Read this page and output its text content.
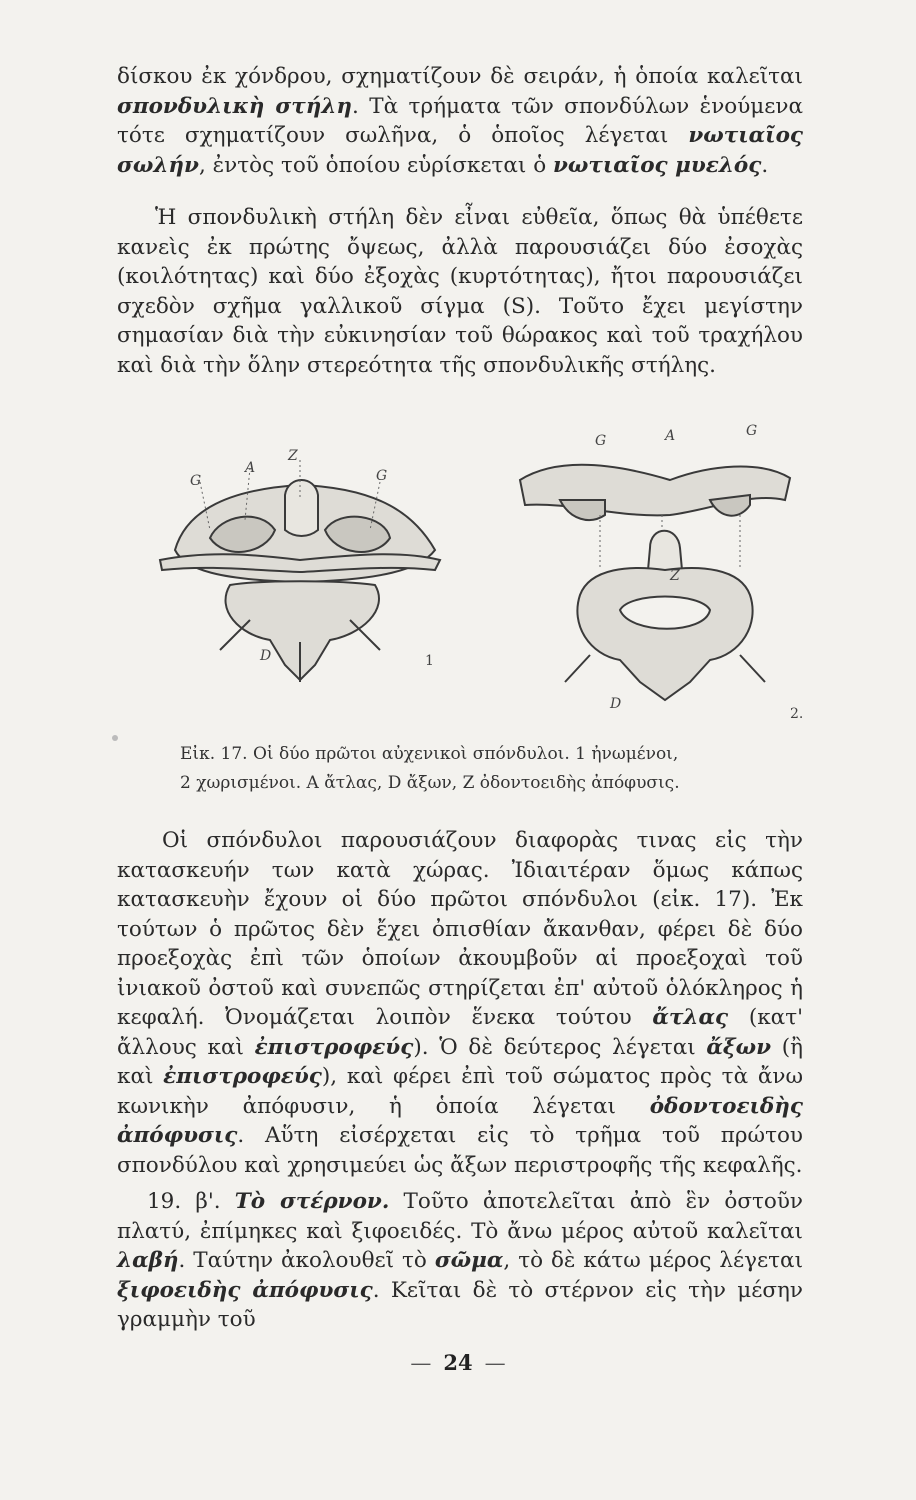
δίσκου ἐκ χόνδρου, σχηματίζουν δὲ σειράν, ἡ ὁποία καλεῖται σπονδυλικὴ στήλη. Τὰ τρήματα τῶν σπονδύλων ἑνούμενα τότε σχηματίζουν σωλῆνα, ὁ ὁποῖος λέγεται νωτιαῖος σωλήν, ἐντὸς τοῦ ὁποίου εὑρίσκεται ὁ νωτιαῖος μυελός.

Ἡ σπονδυλικὴ στήλη δὲν εἶναι εὐθεῖα, ὅπως θὰ ὑπέθετε κανεὶς ἐκ πρώτης ὄψεως, ἀλλὰ παρουσιάζει δύο ἐσοχὰς (κοιλότητας) καὶ δύο ἐξοχὰς (κυρτότητας), ἤτοι παρουσιάζει σχεδὸν σχῆμα γαλλικοῦ σίγμα (S). Τοῦτο ἔχει μεγίστην σημασίαν διὰ τὴν εὐκινησίαν τοῦ θώρακος καὶ τοῦ τραχήλου καὶ διὰ τὴν ὅλην στερεότητα τῆς σπονδυλικῆς στήλης.

G
A
Z
G
D	1
G	A	G
Z
D
2.

Εἰκ. 17. Οἱ δύο πρῶτοι αὐχενικοὶ σπόνδυλοι. 1 ἠνωμένοι,
2 χωρισμένοι. Α ἄτλας, D ἄξων, Ζ ὀδοντοειδὴς ἀπόφυσις.

Οἱ σπόνδυλοι παρουσιάζουν διαφορὰς τινας εἰς τὴν κατασκευήν των κατὰ χώρας. Ἰδιαιτέραν ὅμως κάπως κατασκευὴν ἔχουν οἱ δύο πρῶτοι σπόνδυλοι (εἰκ. 17). Ἐκ τούτων ὁ πρῶτος δὲν ἔχει ὀπισθίαν ἄκανθαν, φέρει δὲ δύο προεξοχὰς ἐπὶ τῶν ὁποίων ἀκουμβοῦν αἱ προεξοχαὶ τοῦ ἰνιακοῦ ὀστοῦ καὶ συνεπῶς στηρίζεται ἐπ' αὐτοῦ ὁλόκληρος ἡ κεφαλή. Ὀνομάζεται λοιπὸν ἕνεκα τούτου ἄτλας (κατ' ἄλλους καὶ ἐπιστροφεύς). Ὁ δὲ δεύτερος λέγεται ἄξων (ἢ καὶ ἐπιστροφεύς), καὶ φέρει ἐπὶ τοῦ σώματος πρὸς τὰ ἄνω κωνικὴν ἀπόφυσιν, ἡ ὁποία λέγεται ὀδοντοειδὴς ἀπόφυσις. Αὕτη εἰσέρχεται εἰς τὸ τρῆμα τοῦ πρώτου σπονδύλου καὶ χρησιμεύει ὡς ἄξων περιστροφῆς τῆς κεφαλῆς.

19. β'. Τὸ στέρνον. Τοῦτο ἀποτελεῖται ἀπὸ ἓν ὀστοῦν πλατύ, ἐπίμηκες καὶ ξιφοειδές. Τὸ ἄνω μέρος αὐτοῦ καλεῖται λαβή. Ταύτην ἀκολουθεῖ τὸ σῶμα, τὸ δὲ κάτω μέρος λέγεται ξιφοειδὴς ἀπόφυσις. Κεῖται δὲ τὸ στέρνον εἰς τὴν μέσην γραμμὴν τοῦ

— 24 —
